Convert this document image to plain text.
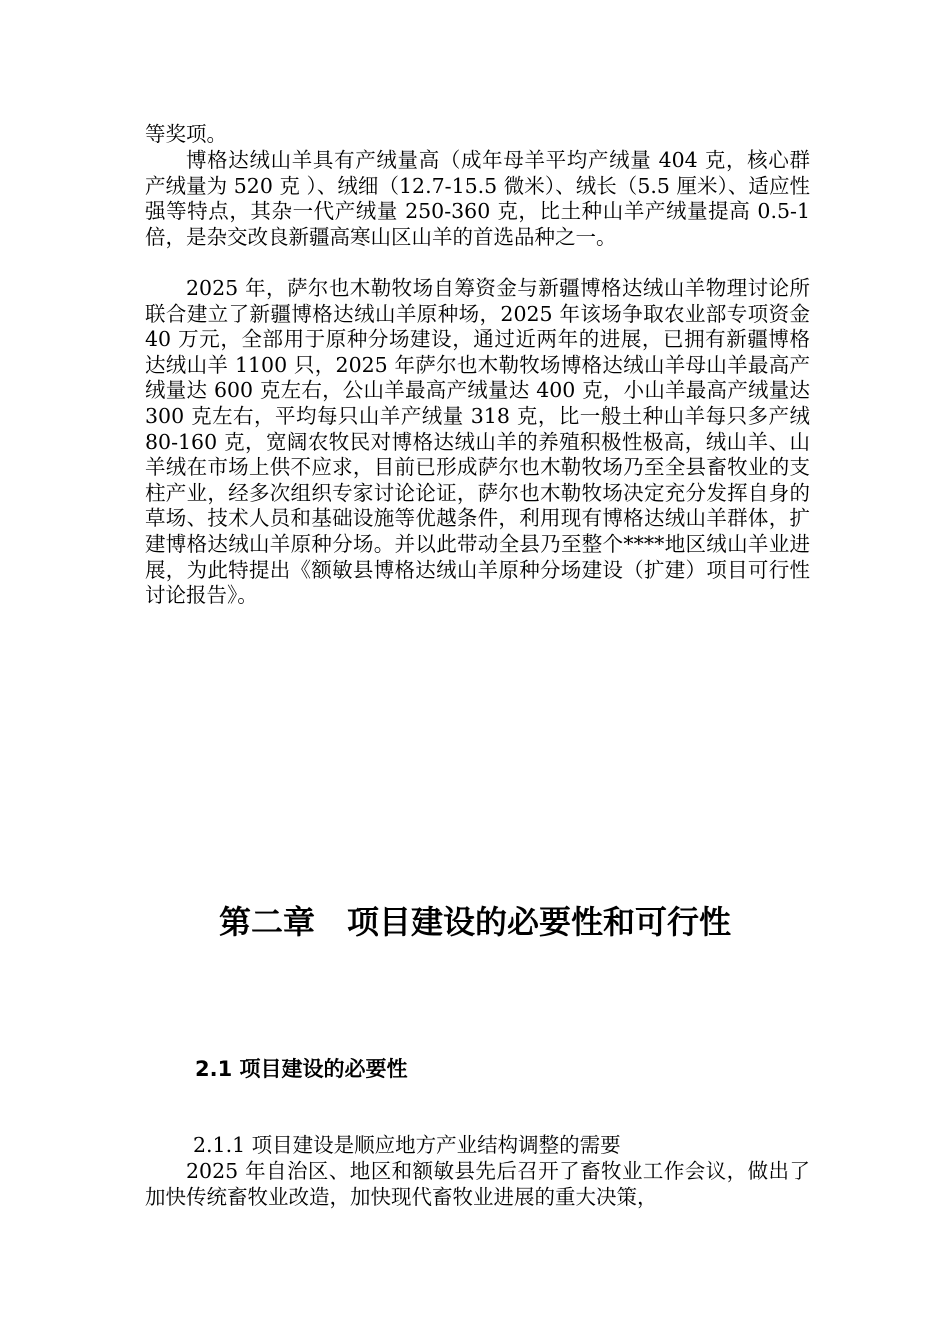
等奖项。

博格达绒山羊具有产绒量高（成年母羊平均产绒量 404 克，核心群产绒量为 520 克 ）、绒细（12.7-15.5 微米）、绒长（5.5 厘米）、适应性强等特点，其杂一代产绒量 250-360 克，比土种山羊产绒量提高 0.5-1 倍，是杂交改良新疆高寒山区山羊的首选品种之一。

2025 年，萨尔也木勒牧场自筹资金与新疆博格达绒山羊物理讨论所联合建立了新疆博格达绒山羊原种场，2025 年该场争取农业部专项资金 40 万元，全部用于原种分场建设，通过近两年的进展，已拥有新疆博格达绒山羊 1100 只，2025 年萨尔也木勒牧场博格达绒山羊母山羊最高产绒量达 600 克左右，公山羊最高产绒量达 400 克，小山羊最高产绒量达 300 克左右，平均每只山羊产绒量 318 克，比一般土种山羊每只多产绒 80-160 克，宽阔农牧民对博格达绒山羊的养殖积极性极高，绒山羊、山羊绒在市场上供不应求，目前已形成萨尔也木勒牧场乃至全县畜牧业的支柱产业，经多次组织专家讨论论证，萨尔也木勒牧场决定充分发挥自身的草场、技术人员和基础设施等优越条件，利用现有博格达绒山羊群体，扩建博格达绒山羊原种分场。并以此带动全县乃至整个****地区绒山羊业进展，为此特提出《额敏县博格达绒山羊原种分场建设（扩建）项目可行性讨论报告》。

第二章　项目建设的必要性和可行性
2.1 项目建设的必要性

2.1.1 项目建设是顺应地方产业结构调整的需要

2025 年自治区、地区和额敏县先后召开了畜牧业工作会议，做出了加快传统畜牧业改造，加快现代畜牧业进展的重大决策，
